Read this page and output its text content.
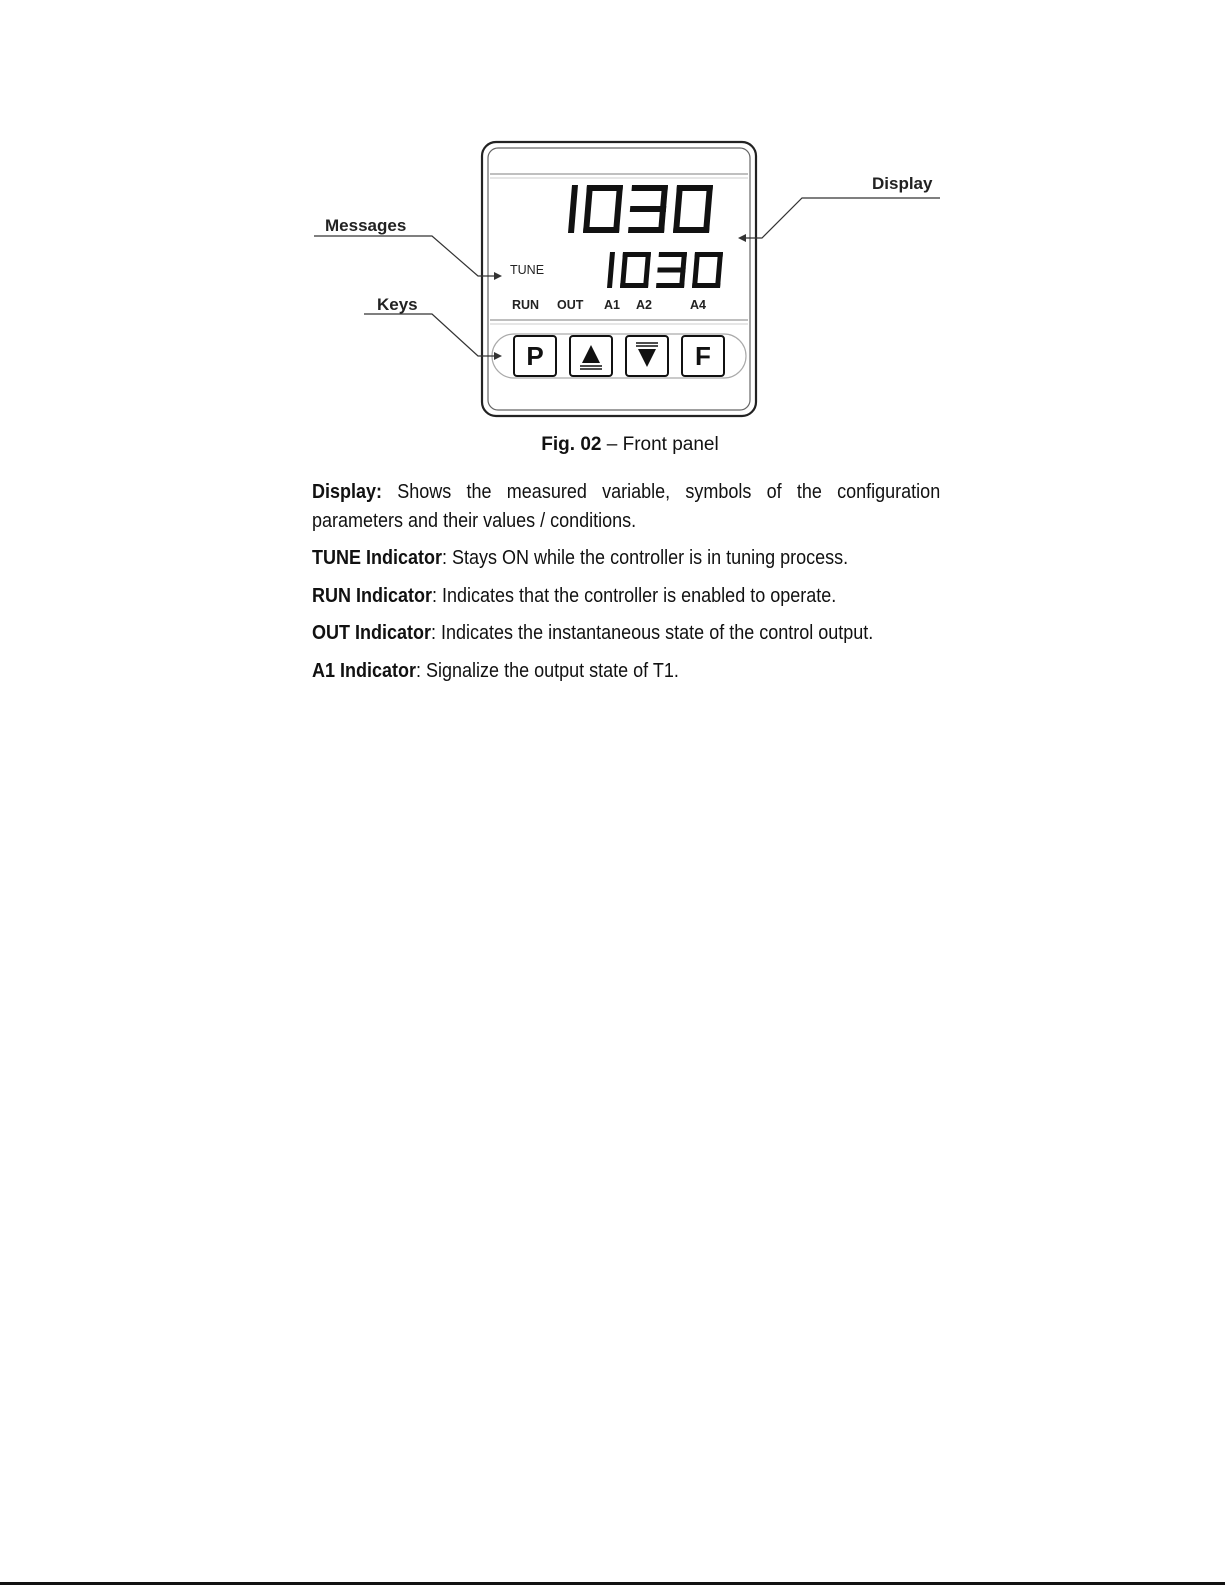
Display
Messages
Keys
TUNE
RUN OUT A1 A2	A4
P	F
Fig. 02 – Front panel

Display: Shows the measured variable, symbols of the configuration parameters and their values / conditions.

TUNE Indicator: Stays ON while the controller is in tuning process.

RUN Indicator: Indicates that the controller is enabled to operate.

OUT Indicator: Indicates the instantaneous state of the control output.

A1 Indicator: Signalize the output state of T1.
